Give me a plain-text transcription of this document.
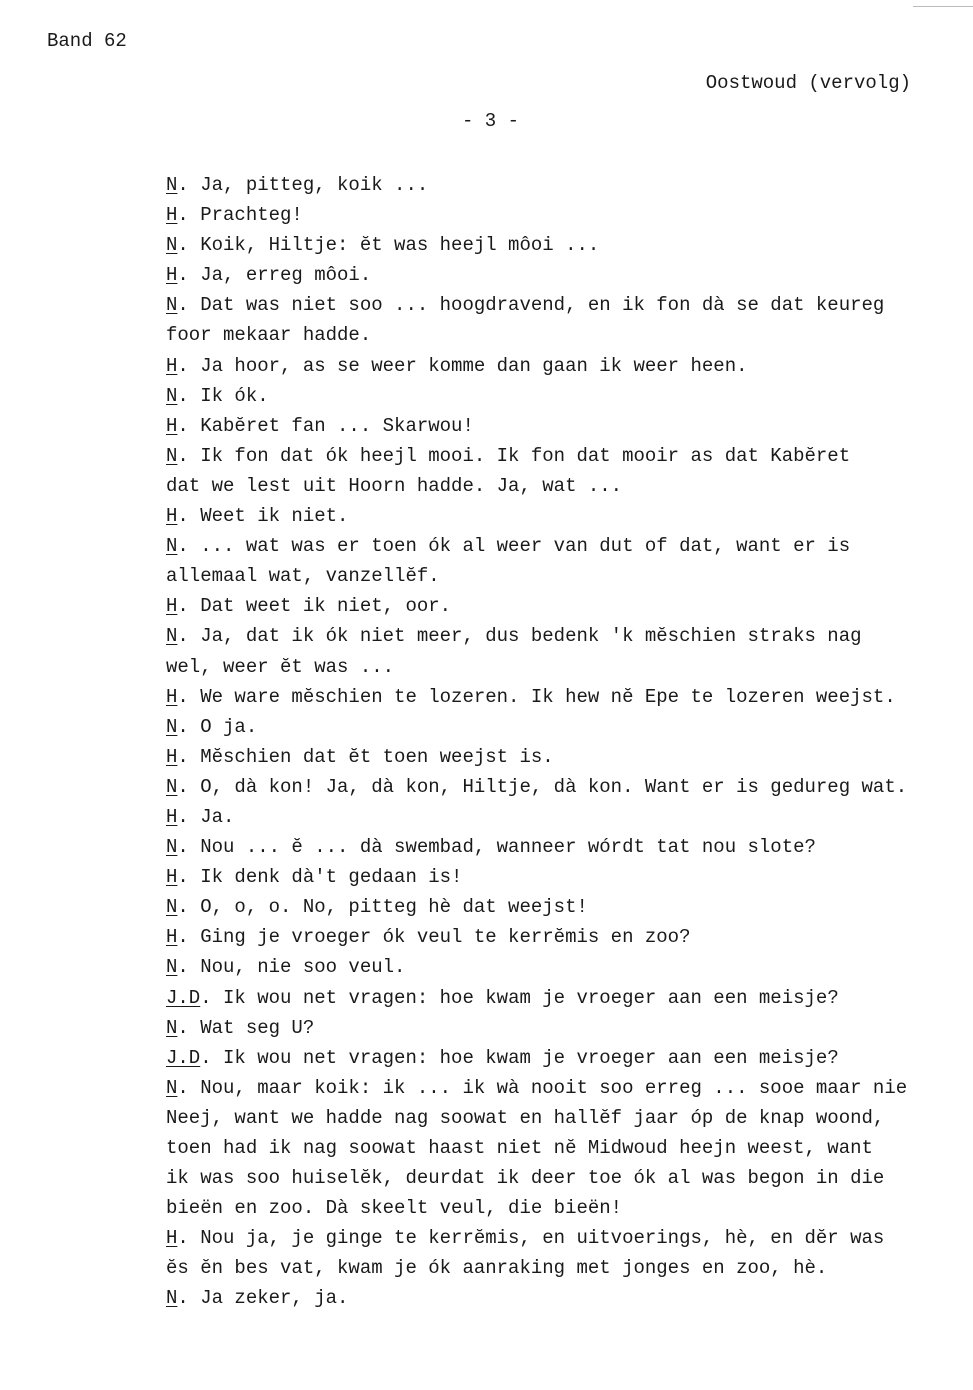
Band 62
Oostwoud (vervolg)
- 3 -
N. Ja, pitteg, koik ...
H. Prachteg!
N. Koik, Hiltje: ĕt was heejl môoi ...
H. Ja, erreg môoi.
N. Dat was niet soo ... hoogdravend, en ik fon dà se dat keureg
foor mekaar hadde.
H. Ja hoor, as se weer komme dan gaan ik weer heen.
N. Ik ók.
H. Kabĕret fan ... Skarwou!
N. Ik fon dat ók heejl mooi. Ik fon dat mooir as dat Kabĕret
dat we lest uit Hoorn hadde. Ja, wat ...
H. Weet ik niet.
N. ... wat was er toen ók al weer van dut of dat, want er is
allemaal wat, vanzellĕf.
H. Dat weet ik niet, oor.
N. Ja, dat ik ók niet meer, dus bedenk 'k mĕschien straks nag
wel, weer ĕt was ...
H. We ware mĕschien te lozeren. Ik hew nĕ Epe te lozeren weejst.
N. O ja.
H. Mĕschien dat ĕt toen weejst is.
N. O, dà kon! Ja, dà kon, Hiltje, dà kon. Want er is gedureg wat.
H. Ja.
N. Nou ... ĕ ... dà swembad, wanneer wórdt tat nou slote?
H. Ik denk dà't gedaan is!
N. O, o, o. No, pitteg hè dat weejst!
H. Ging je vroeger ók veul te kerrĕmis en zoo?
N. Nou, nie soo veul.
J.D. Ik wou net vragen: hoe kwam je vroeger aan een meisje?
N. Wat seg U?
J.D. Ik wou net vragen: hoe kwam je vroeger aan een meisje?
N. Nou, maar koik: ik ... ik wà nooit soo erreg ... sooe maar nie
Neej, want we hadde nag soowat en hallĕf jaar óp de knap woond,
toen had ik nag soowat haast niet nĕ Midwoud heejn weest, want
ik was soo huiselĕk, deurdat ik deer toe ók al was begon in die
bieën en zoo. Dà skeelt veul, die bieën!
H. Nou ja, je ginge te kerrĕmis, en uitvoerings, hè, en dĕr was
ĕs ĕn bes vat, kwam je ók aanraking met jonges en zoo, hè.
N. Ja zeker, ja.
